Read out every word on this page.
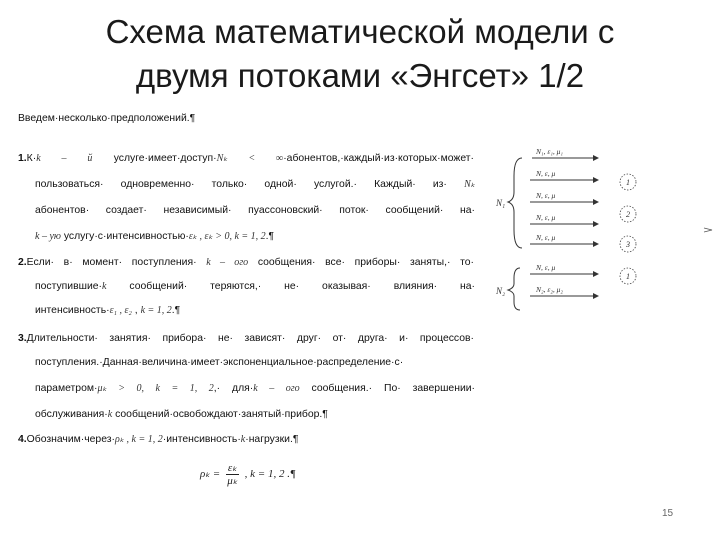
Схема математической модели с
двумя потоками «Энгсет» 1/2
Введем·несколько·предположений.¶
1.К·k – й услуге·имеет·доступ·Nₖ < ∞·абонентов,·каждый·из·которых·может·
пользоваться· одновременно· только· одной· услугой.· Каждый· из· Nₖ
абонентов· создает· независимый· пуассоновский· поток· сообщений· на·
k – ую услугу·с·интенсивностью·εₖ , εₖ > 0, k = 1, 2.¶
2.Если· в· момент· поступления· k – ого сообщения· все· приборы· заняты,· то·
поступившие·k сообщений· теряются,· не· оказывая· влияния· на·
интенсивность·ε₁ , ε₂ , k = 1, 2.¶
3.Длительности· занятия· прибора· не· зависят· друг· от· друга· и· процессов·
поступления.·Данная·величина·имеет·экспоненциальное·распределение·с·
параметром·μₖ > 0, k = 1, 2,· для·k – ого сообщения.· По· завершении·
обслуживания·k сообщений·освобождают·занятый·прибор.¶
4.Обозначим·через·ρₖ , k = 1, 2·интенсивность·k·нагрузки.¶
$\rho_k = \frac{\text{εₖ}}{\text{μₖ}}$ , k = 1, 2 .¶
N₁
N₁, ε₁, μ₁
N, ε, μ
N, ε, μ
N, ε, μ
N, ε, μ
N₂
N, ε, μ
N₂, ε₂, μ₂
1
2
3
1
15
